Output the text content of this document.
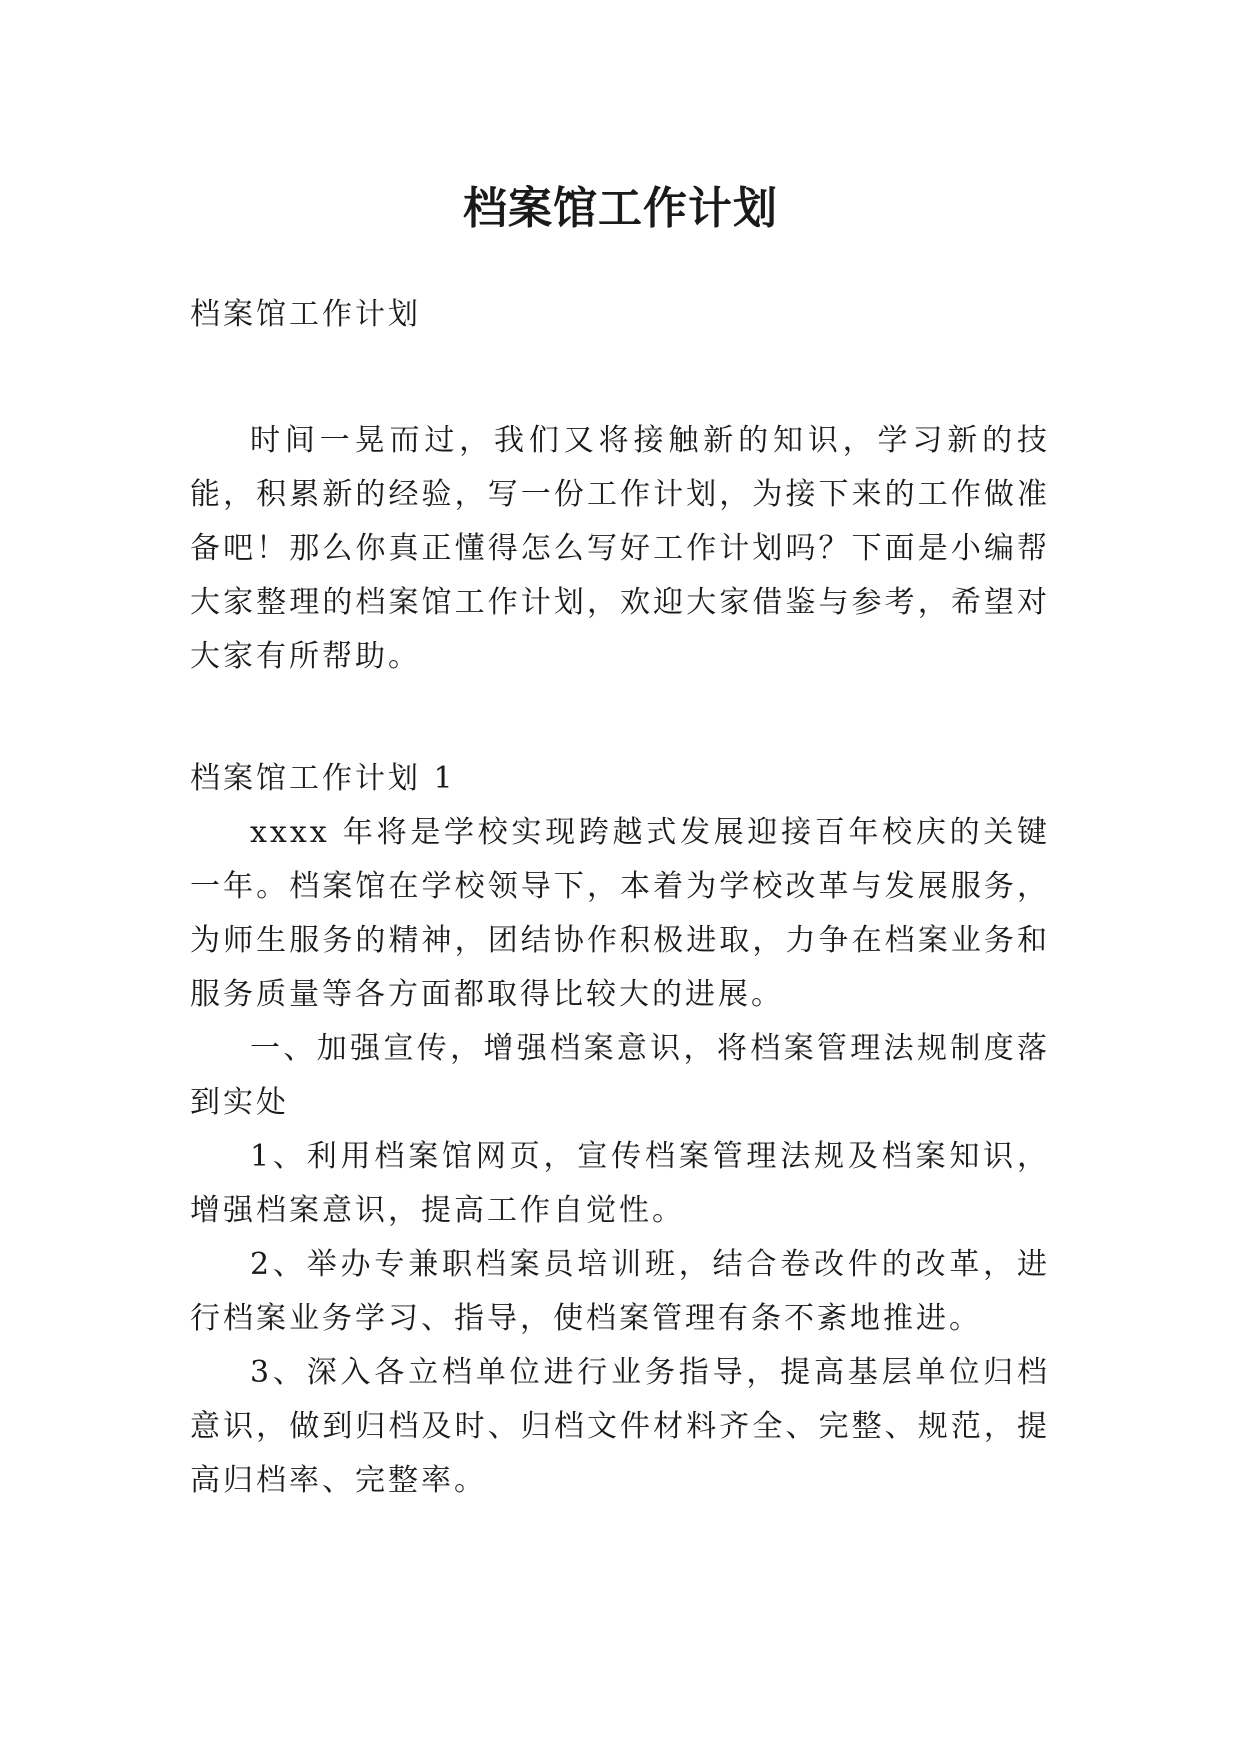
档案馆工作计划

档案馆工作计划

时间一晃而过，我们又将接触新的知识，学习新的技能，积累新的经验，写一份工作计划，为接下来的工作做准备吧！那么你真正懂得怎么写好工作计划吗？下面是小编帮大家整理的档案馆工作计划，欢迎大家借鉴与参考，希望对大家有所帮助。

档案馆工作计划 1

xxxx 年将是学校实现跨越式发展迎接百年校庆的关键一年。档案馆在学校领导下，本着为学校改革与发展服务，为师生服务的精神，团结协作积极进取，力争在档案业务和服务质量等各方面都取得比较大的进展。

一、加强宣传，增强档案意识，将档案管理法规制度落到实处

1、利用档案馆网页，宣传档案管理法规及档案知识，增强档案意识，提高工作自觉性。

2、举办专兼职档案员培训班，结合卷改件的改革，进行档案业务学习、指导，使档案管理有条不紊地推进。

3、深入各立档单位进行业务指导，提高基层单位归档意识，做到归档及时、归档文件材料齐全、完整、规范，提高归档率、完整率。
